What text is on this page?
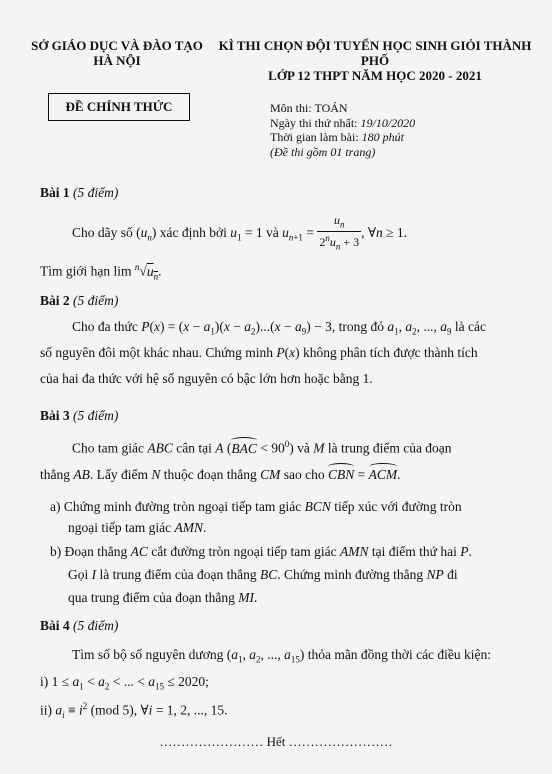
SỞ GIÁO DỤC VÀ ĐÀO TẠO
HÀ NỘI
KÌ THI CHỌN ĐỘI TUYỂN HỌC SINH GIỎI THÀNH PHỐ
LỚP 12 THPT NĂM HỌC 2020 - 2021
ĐỀ CHÍNH THỨC	Môn thi: TOÁN
Ngày thi thứ nhất: 19/10/2020
Thời gian làm bài: 180 phút
(Đề thi gồm 01 trang)
Bài 1 (5 điểm)
Cho dãy số $(u_n)$ xác định bởi $u_1 = 1$ và $u_{n+1} = \frac{u_n}{2^nu_n + 3}$ , ∀n ≥ 1.
Tìm giới hạn $\lim ^n√u_n$.
Bài 2 (5 điểm)
Cho đa thức $P(x) = (x - a_1)(x - a_2)...(x - a_9) - 3$, trong đó $a_1$, $a_2$, ..., $a_9$ là các
số nguyên đôi một khác nhau. Chứng minh P(x) không phân tích được thành tích
của hai đa thức với hệ số nguyên có bậc lớn hơn hoặc bằng 1.
Bài 3 (5 điểm)
Cho tam giác ABC cân tại A $(BAC < 90^0)$ và M là trung điểm của đoạn
thẳng AB. Lấy điểm N thuộc đoạn thẳng CM sao cho CBN = ACM.
a) Chứng minh đường tròn ngoại tiếp tam giác BCN tiếp xúc với đường tròn
ngoại tiếp tam giác AMN.
b) Đoạn thẳng AC cắt đường tròn ngoại tiếp tam giác AMN tại điểm thứ hai P.
Gọi I là trung điểm của đoạn thẳng BC. Chứng minh đường thẳng NP đi
qua trung điểm của đoạn thẳng MI.
Bài 4 (5 điểm)
Tìm số bộ số nguyên dương ($a_1$, $a_2$, ..., $a_{15}$) thỏa mãn đồng thời các điều kiện:
i) $1 \le a_1 < a_2$ < ... < $a_{15} \le 2020$;
ii) $a_i \equiv i^2$ (mod 5), ∀i = 1, 2, ..., 15.
…………………… Hết ……………………
